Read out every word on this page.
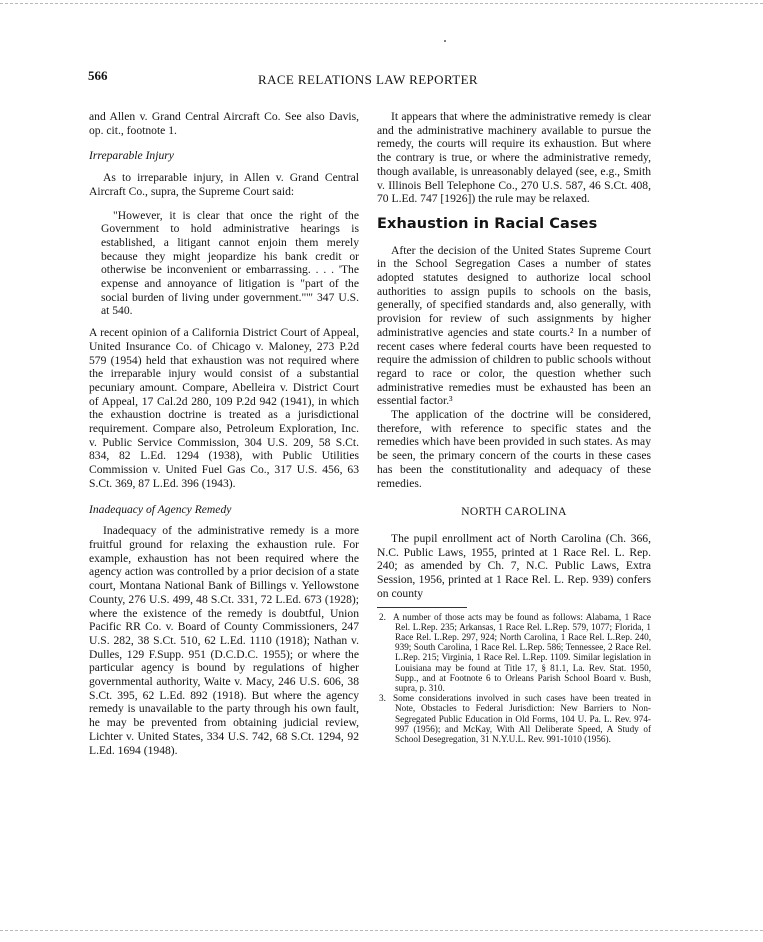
566	RACE RELATIONS LAW REPORTER

and Allen v. Grand Central Aircraft Co. See also Davis, op. cit., footnote 1.

Irreparable Injury

As to irreparable injury, in Allen v. Grand Central Aircraft Co., supra, the Supreme Court said:

"However, it is clear that once the right of the Government to hold administrative hearings is established, a litigant cannot enjoin them merely because they might jeopardize his bank credit or otherwise be inconvenient or embarrassing. . . . 'The expense and annoyance of litigation is "part of the social burden of living under government."'" 347 U.S. at 540.

A recent opinion of a California District Court of Appeal, United Insurance Co. of Chicago v. Maloney, 273 P.2d 579 (1954) held that exhaustion was not required where the irreparable injury would consist of a substantial pecuniary amount. Compare, Abelleira v. District Court of Appeal, 17 Cal.2d 280, 109 P.2d 942 (1941), in which the exhaustion doctrine is treated as a jurisdictional requirement. Compare also, Petroleum Exploration, Inc. v. Public Service Commission, 304 U.S. 209, 58 S.Ct. 834, 82 L.Ed. 1294 (1938), with Public Utilities Commission v. United Fuel Gas Co., 317 U.S. 456, 63 S.Ct. 369, 87 L.Ed. 396 (1943).

Inadequacy of Agency Remedy

Inadequacy of the administrative remedy is a more fruitful ground for relaxing the exhaustion rule. For example, exhaustion has not been required where the agency action was controlled by a prior decision of a state court, Montana National Bank of Billings v. Yellowstone County, 276 U.S. 499, 48 S.Ct. 331, 72 L.Ed. 673 (1928); where the existence of the remedy is doubtful, Union Pacific RR Co. v. Board of County Commissioners, 247 U.S. 282, 38 S.Ct. 510, 62 L.Ed. 1110 (1918); Nathan v. Dulles, 129 F.Supp. 951 (D.C.D.C. 1955); or where the particular agency is bound by regulations of higher governmental authority, Waite v. Macy, 246 U.S. 606, 38 S.Ct. 395, 62 L.Ed. 892 (1918). But where the agency remedy is unavailable to the party through his own fault, he may be prevented from obtaining judicial review, Lichter v. United States, 334 U.S. 742, 68 S.Ct. 1294, 92 L.Ed. 1694 (1948).

It appears that where the administrative remedy is clear and the administrative machinery available to pursue the remedy, the courts will require its exhaustion. But where the contrary is true, or where the administrative remedy, though available, is unreasonably delayed (see, e.g., Smith v. Illinois Bell Telephone Co., 270 U.S. 587, 46 S.Ct. 408, 70 L.Ed. 747 [1926]) the rule may be relaxed.

Exhaustion in Racial Cases

After the decision of the United States Supreme Court in the School Segregation Cases a number of states adopted statutes designed to authorize local school authorities to assign pupils to schools on the basis, generally, of specified standards and, also generally, with provision for review of such assignments by higher administrative agencies and state courts.² In a number of recent cases where federal courts have been requested to require the admission of children to public schools without regard to race or color, the question whether such administrative remedies must be exhausted has been an essential factor.³

The application of the doctrine will be considered, therefore, with reference to specific states and the remedies which have been provided in such states. As may be seen, the primary concern of the courts in these cases has been the constitutionality and adequacy of these remedies.

NORTH CAROLINA

The pupil enrollment act of North Carolina (Ch. 366, N.C. Public Laws, 1955, printed at 1 Race Rel. L. Rep. 240; as amended by Ch. 7, N.C. Public Laws, Extra Session, 1956, printed at 1 Race Rel. L. Rep. 939) confers on county

2. A number of those acts may be found as follows: Alabama, 1 Race Rel. L.Rep. 235; Arkansas, 1 Race Rel. L.Rep. 579, 1077; Florida, 1 Race Rel. L.Rep. 297, 924; North Carolina, 1 Race Rel. L.Rep. 240, 939; South Carolina, 1 Race Rel. L.Rep. 586; Tennessee, 2 Race Rel. L.Rep. 215; Virginia, 1 Race Rel. L.Rep. 1109. Similar legislation in Louisiana may be found at Title 17, § 81.1, La. Rev. Stat. 1950, Supp., and at Footnote 6 to Orleans Parish School Board v. Bush, supra, p. 310.

3. Some considerations involved in such cases have been treated in Note, Obstacles to Federal Jurisdiction: New Barriers to Non-Segregated Public Education in Old Forms, 104 U. Pa. L. Rev. 974-997 (1956); and McKay, With All Deliberate Speed, A Study of School Desegregation, 31 N.Y.U.L. Rev. 991-1010 (1956).
